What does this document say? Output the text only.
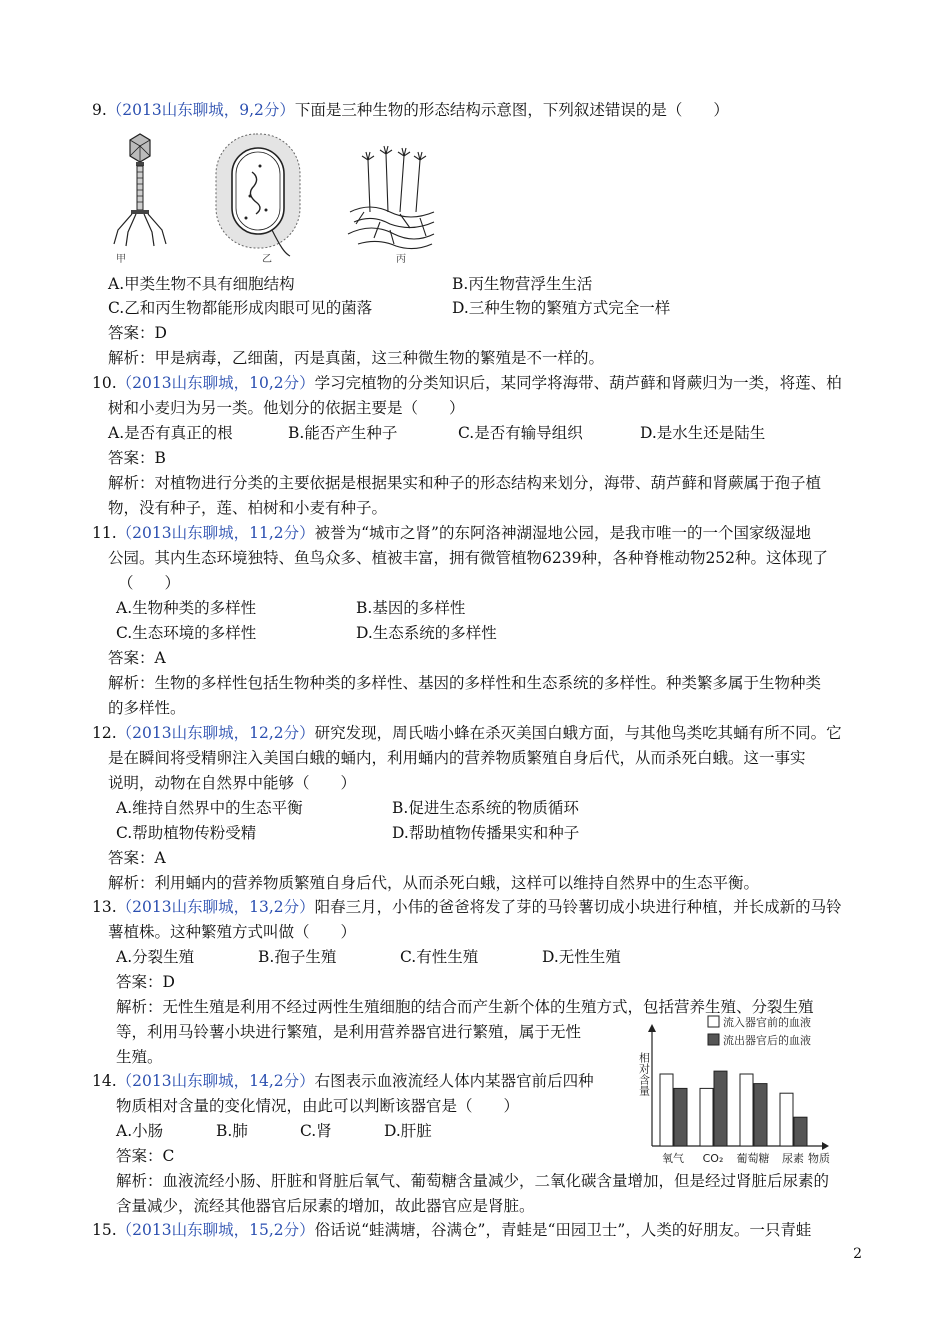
9.（2013山东聊城，9,2分）下面是三种生物的形态结构示意图，下列叙述错误的是（　　）
甲	乙	丙
A.甲类生物不具有细胞结构	B.丙生物营浮生生活
C.乙和丙生物都能形成肉眼可见的菌落	D.三种生物的繁殖方式完全一样
答案：D
解析：甲是病毒，乙细菌，丙是真菌，这三种微生物的繁殖是不一样的。
10.（2013山东聊城，10,2分）学习完植物的分类知识后，某同学将海带、葫芦藓和肾蕨归为一类，将莲、柏
树和小麦归为另一类。他划分的依据主要是（　　）
A.是否有真正的根	B.能否产生种子	C.是否有输导组织	D.是水生还是陆生
答案：B
解析：对植物进行分类的主要依据是根据果实和种子的形态结构来划分，海带、葫芦藓和肾蕨属于孢子植
物，没有种子，莲、柏树和小麦有种子。
11.（2013山东聊城，11,2分）被誉为“城市之肾”的东阿洛神湖湿地公园，是我市唯一的一个国家级湿地
公园。其内生态环境独特、鱼鸟众多、植被丰富，拥有微管植物6239种，各种脊椎动物252种。这体现了
（　　）
A.生物种类的多样性	B.基因的多样性
C.生态环境的多样性	D.生态系统的多样性
答案：A
解析：生物的多样性包括生物种类的多样性、基因的多样性和生态系统的多样性。种类繁多属于生物种类
的多样性。
12.（2013山东聊城，12,2分）研究发现，周氏啮小蜂在杀灭美国白蛾方面，与其他鸟类吃其蛹有所不同。它
是在瞬间将受精卵注入美国白蛾的蛹内，利用蛹内的营养物质繁殖自身后代，从而杀死白蛾。这一事实
说明，动物在自然界中能够（　　）
A.维持自然界中的生态平衡	B.促进生态系统的物质循环
C.帮助植物传粉受精	D.帮助植物传播果实和种子
答案：A
解析：利用蛹内的营养物质繁殖自身后代，从而杀死白蛾，这样可以维持自然界中的生态平衡。
13.（2013山东聊城，13,2分）阳春三月，小伟的爸爸将发了芽的马铃薯切成小块进行种植，并长成新的马铃
薯植株。这种繁殖方式叫做（　　）
A.分裂生殖	B.孢子生殖	C.有性生殖	D.无性生殖
答案：D
解析：无性生殖是利用不经过两性生殖细胞的结合而产生新个体的生殖方式，包括营养生殖、分裂生殖
等，利用马铃薯小块进行繁殖，是利用营养器官进行繁殖，属于无性
生殖。
14.（2013山东聊城，14,2分）右图表示血液流经人体内某器官前后四种
物质相对含量的变化情况，由此可以判断该器官是（　　）
A.小肠	B.肺	C.肾	D.肝脏
答案：C
解析：血液流经小肠、肝脏和肾脏后氧气、葡萄糖含量减少，二氧化碳含量增加，但是经过肾脏后尿素的
含量减少，流经其他器官后尿素的增加，故此器官应是肾脏。
15.（2013山东聊城，15,2分）俗话说“蛙满塘，谷满仓”，青蛙是“田园卫士”，人类的好朋友。一只青蛙
流入器官前的血液
流出器官后的血液
相对含量
物质
氧气 CO₂ 葡萄糖 尿素
2
